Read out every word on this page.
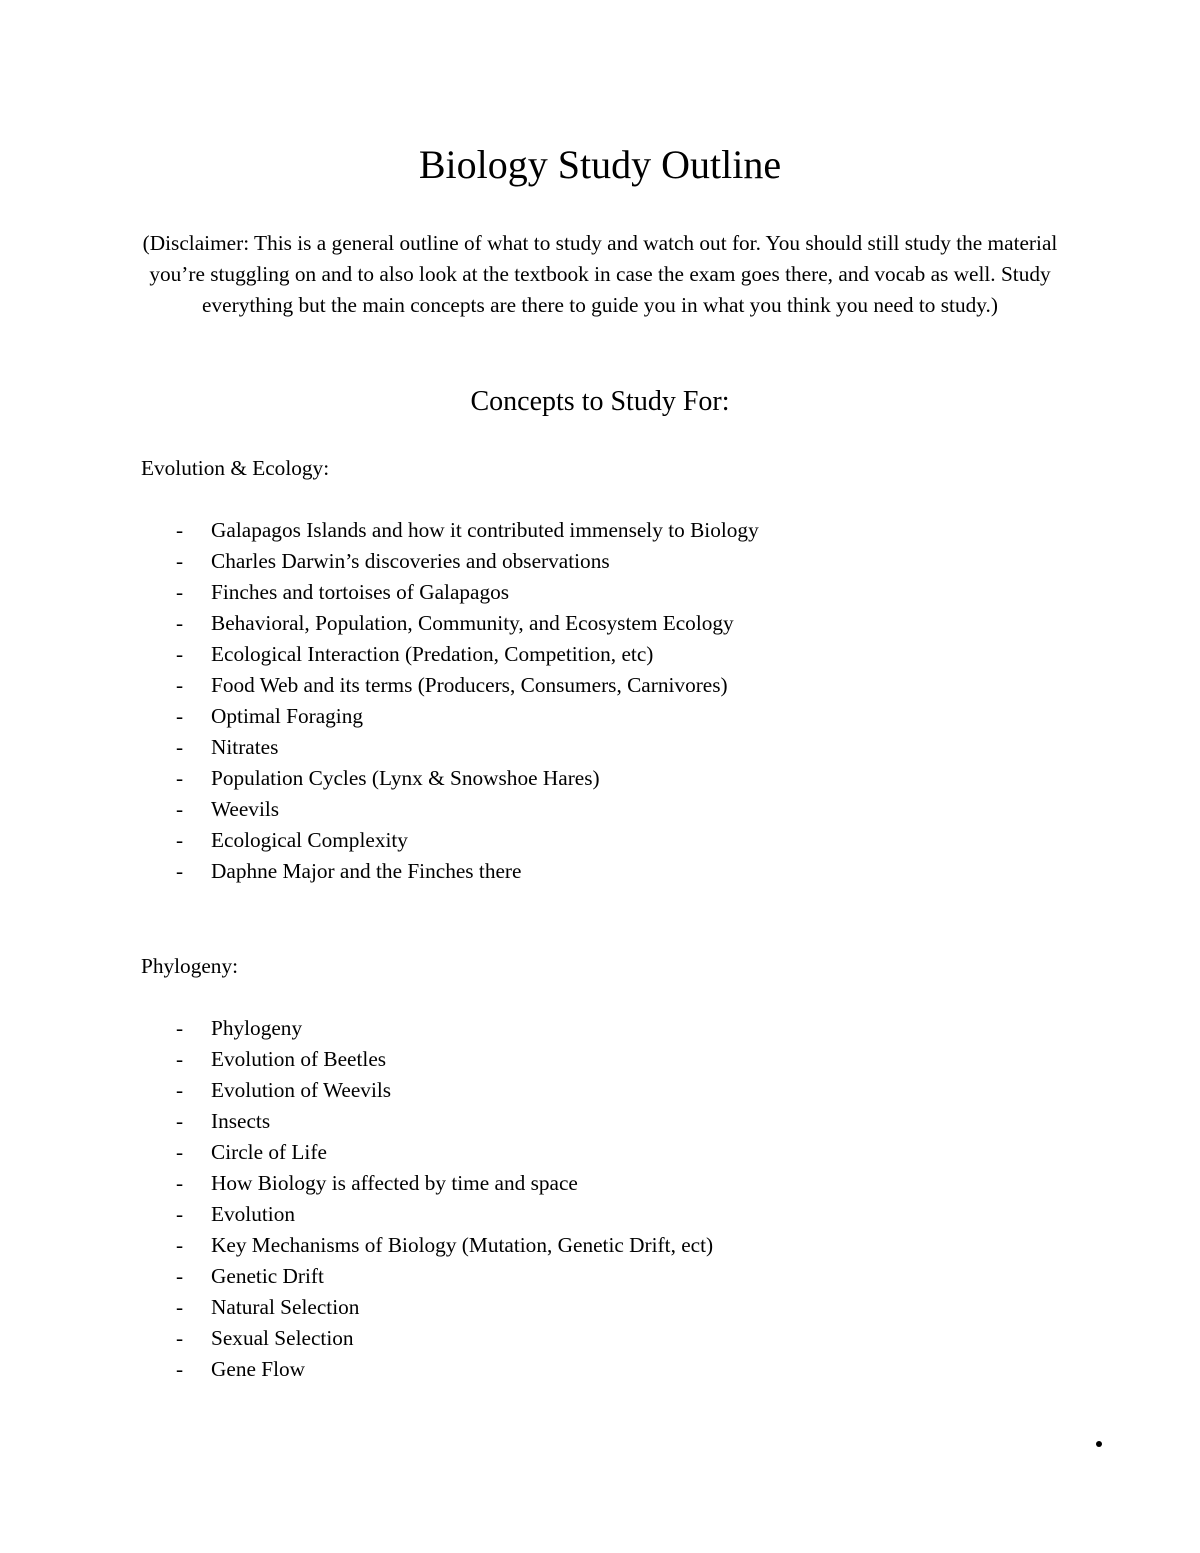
Biology Study Outline

(Disclaimer: This is a general outline of what to study and watch out for. You should still study the material you’re stuggling on and to also look at the textbook in case the exam goes there, and vocab as well. Study everything but the main concepts are there to guide you in what you think you need to study.)

Concepts to Study For:

Evolution & Ecology:

- Galapagos Islands and how it contributed immensely to Biology
- Charles Darwin’s discoveries and observations
- Finches and tortoises of Galapagos
- Behavioral, Population, Community, and Ecosystem Ecology
- Ecological Interaction (Predation, Competition, etc)
- Food Web and its terms (Producers, Consumers, Carnivores)
- Optimal Foraging
- Nitrates
- Population Cycles (Lynx & Snowshoe Hares)
- Weevils
- Ecological Complexity
- Daphne Major and the Finches there

Phylogeny:

- Phylogeny
- Evolution of Beetles
- Evolution of Weevils
- Insects
- Circle of Life
- How Biology is affected by time and space
- Evolution
- Key Mechanisms of Biology (Mutation, Genetic Drift, ect)
- Genetic Drift
- Natural Selection
- Sexual Selection
- Gene Flow
